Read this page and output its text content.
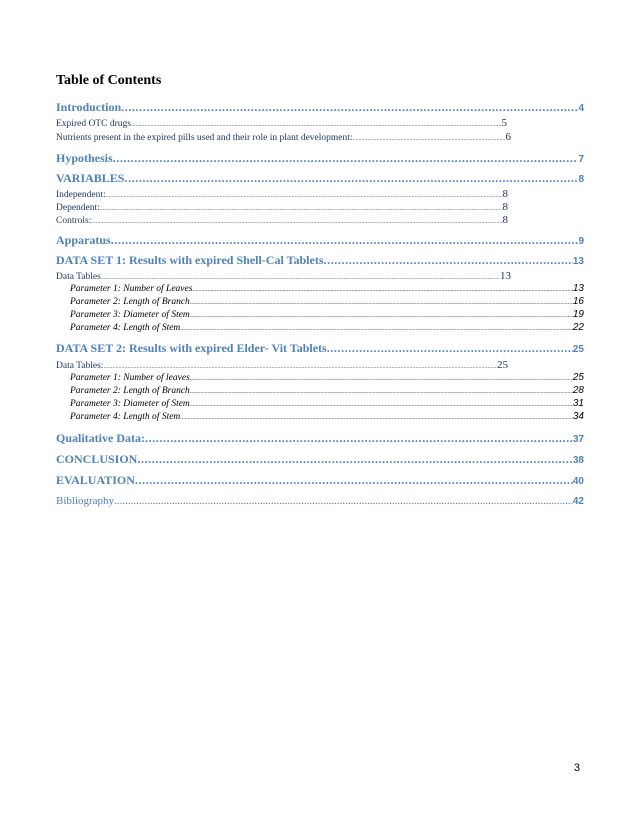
Table of Contents
Introduction .....	4
Expired OTC drugs .....	5
Nutrients present in the expired pills used and their role in plant development: .....	6
Hypothesis .....	7
VARIABLES .....	8
Independent: .....	8
Dependent: .....	8
Controls: .....	8
Apparatus .....	9
DATA SET 1: Results with expired Shell-Cal Tablets .....	13
Data Tables .....	13
Parameter 1: Number of Leaves .....	13
Parameter 2: Length of Branch .....	16
Parameter 3: Diameter of Stem .....	19
Parameter 4: Length of Stem .....	22
DATA SET 2: Results with expired Elder- Vit Tablets .....	25
Data Tables: .....	25
Parameter 1: Number of leaves .....	25
Parameter 2: Length of Branch .....	28
Parameter 3: Diameter of Stem .....	31
Parameter 4: Length of Stem .....	34
Qualitative Data: .....	37
CONCLUSION .....	38
EVALUATION .....	40
Bibliography .....	42
3
